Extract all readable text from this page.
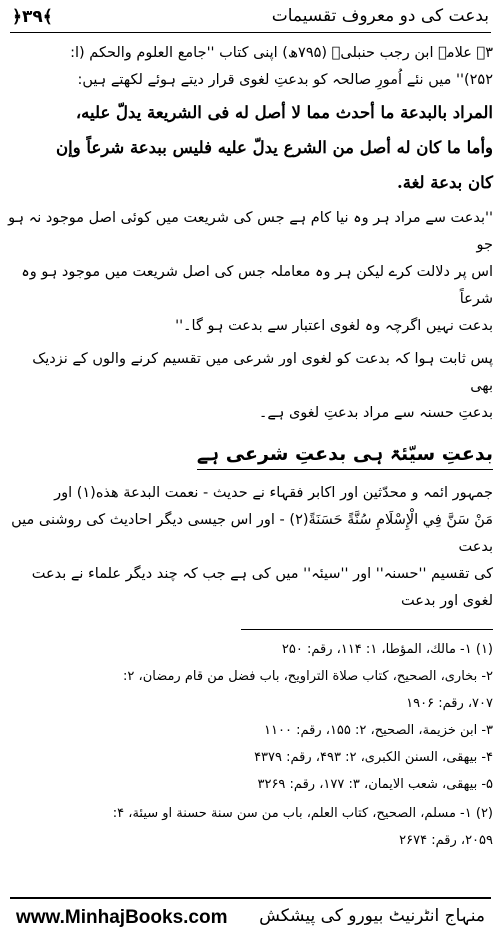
بدعت کی دو معروف تقسیمات
﴿۳۹﴾

۳۔ علامہ ابن رجب حنبلیؒ (۷۹۵ھ) اپنی کتاب ''جامع العلوم والحکم (ا:

۲۵۲)'' میں نئے اُمورِ صالحہ کو بدعتِ لغوی قرار دیتے ہوئے لکھتے ہیں:

المراد بالبدعة ما أحدث مما لا أصل له فی الشريعة يدلّ عليه،

وأما ما كان له أصل من الشرع يدلّ عليه فليس ببدعة شرعاً وإن

كان بدعة لغة.

''بدعت سے مراد ہر وہ نیا کام ہے جس کی شریعت میں کوئی اصل موجود نہ ہو جو

اس پر دلالت کرے لیکن ہر وہ معاملہ جس کی اصل شریعت میں موجود ہو وہ شرعاً

بدعت نہیں اگرچہ وہ لغوی اعتبار سے بدعت ہو گا۔''

پس ثابت ہوا کہ بدعت کو لغوی اور شرعی میں تقسیم کرنے والوں کے نزدیک بھی

بدعتِ حسنہ سے مراد بدعتِ لغوی ہے۔

بدعتِ سیّئۃ ہی بدعتِ شرعی ہے

جمہور ائمہ و محدّثین اور اکابر فقہاء نے حدیث - نعمت البدعة هذه(۱) اور

مَنْ سَنَّ فِي الْإِسْلَامِ سُنَّةً حَسَنَةً(۲) - اور اس جیسی دیگر احادیث کی روشنی میں بدعت

کی تقسیم ''حسنہ'' اور ''سیئہ'' میں کی ہے جب کہ چند دیگر علماء نے بدعت لغوی اور بدعت

(۱) ۱- مالك، المؤطا، ۱: ۱۱۴، رقم: ۲۵۰

۲- بخاری، الصحيح، كتاب صلاة التراويح، باب فضل من قام رمضان، ۲:

۷۰۷، رقم: ۱۹۰۶

۳- ابن خزيمة، الصحيح، ۲: ۱۵۵، رقم: ۱۱۰۰

۴- بيهقی، السنن الكبرى، ۲: ۴۹۳، رقم: ۴۳۷۹

۵- بيهقی، شعب الايمان، ۳: ۱۷۷، رقم: ۳۲۶۹

(۲) ۱- مسلم، الصحيح، كتاب العلم، باب من سن سنة حسنة او سيئة، ۴:

۲۰۵۹، رقم: ۲۶۷۴

www.MinhajBooks.com منہاج انٹرنیٹ بیورو کی پیشکش
